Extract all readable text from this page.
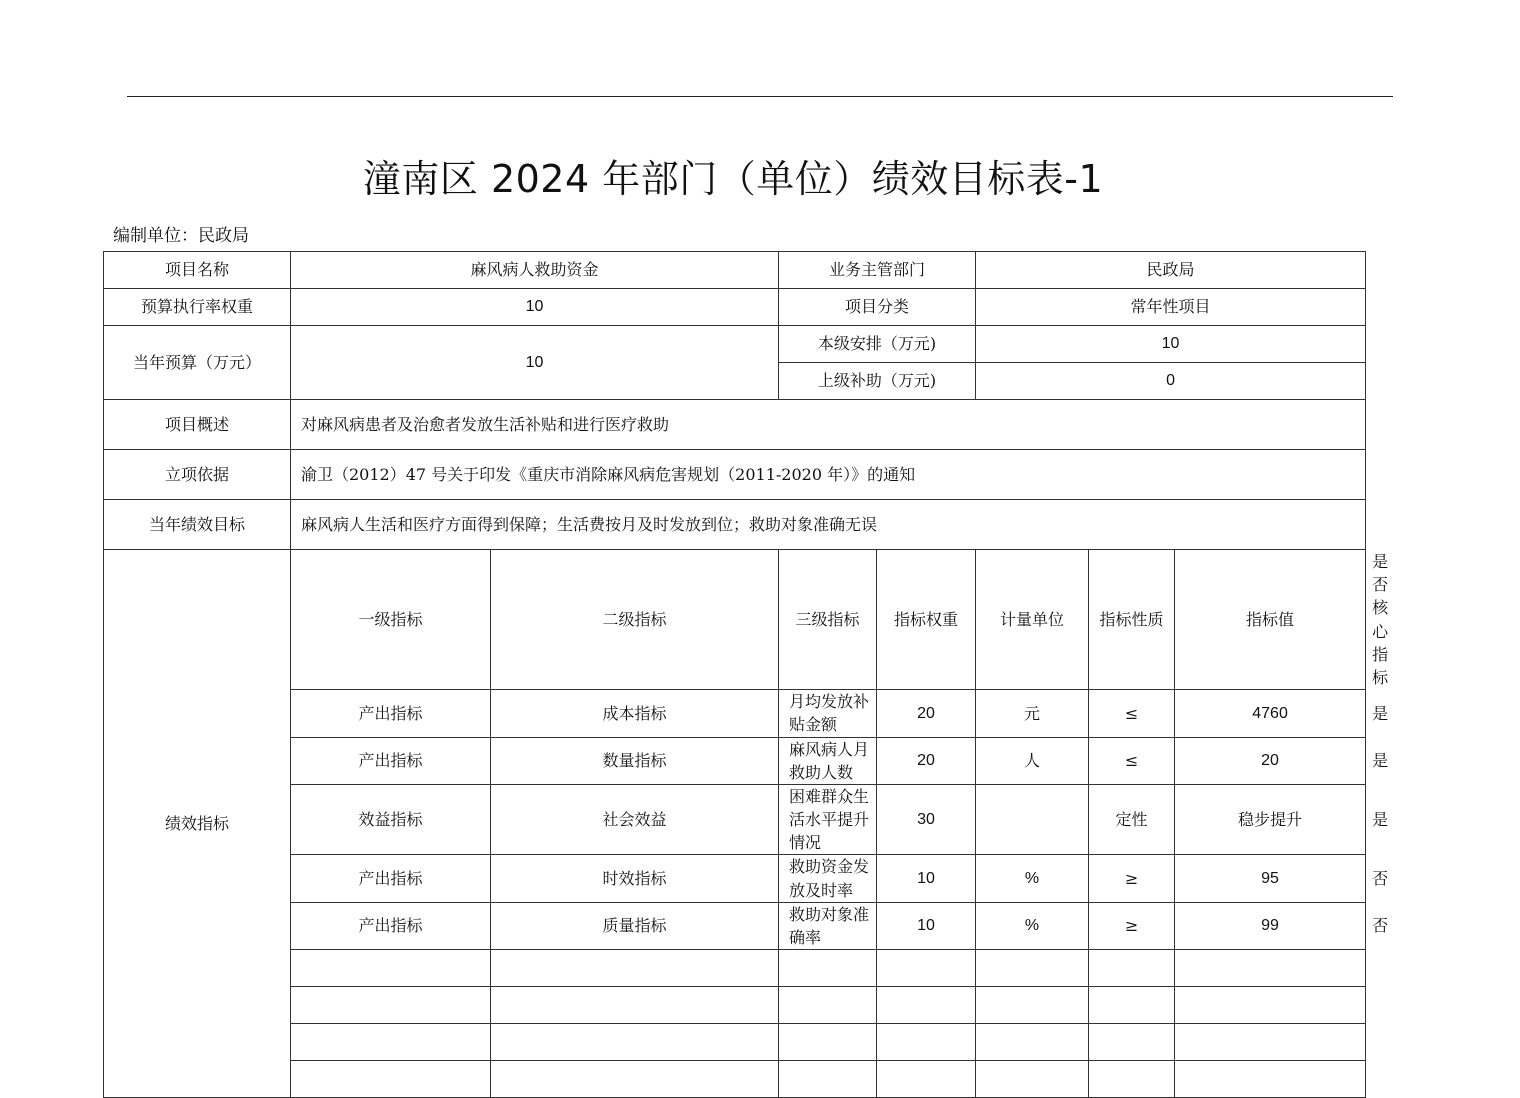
潼南区 2024 年部门（单位）绩效目标表-1
编制单位：民政局
项目名称	麻风病人救助资金		业务主管部门		民政局			
预算执行率权重	10		项目分类		常年性项目			
当年预算（万元）	10		本级安排（万元)		10			
			上级补助（万元)		0			
项目概述	对麻风病患者及治愈者发放生活补贴和进行医疗救助							
立项依据	渝卫（2012）47 号关于印发《重庆市消除麻风病危害规划（2011-2020 年）》的通知							
当年绩效目标	麻风病人生活和医疗方面得到保障；生活费按月及时发放到位；救助对象准确无误							
绩效指标	一级指标	二级指标	三级指标	指标权重	计量单位	指标性质	指标值	是否核心指标
	产出指标	成本指标	月均发放补贴金额	20	元	≤	4760	是
	产出指标	数量指标	麻风病人月救助人数	20	人	≤	20	是
	效益指标	社会效益	困难群众生活水平提升情况	30		定性	稳步提升	是
	产出指标	时效指标	救助资金发放及时率	10	%	≥	95	否
	产出指标	质量指标	救助对象准确率	10	%	≥	99	否
